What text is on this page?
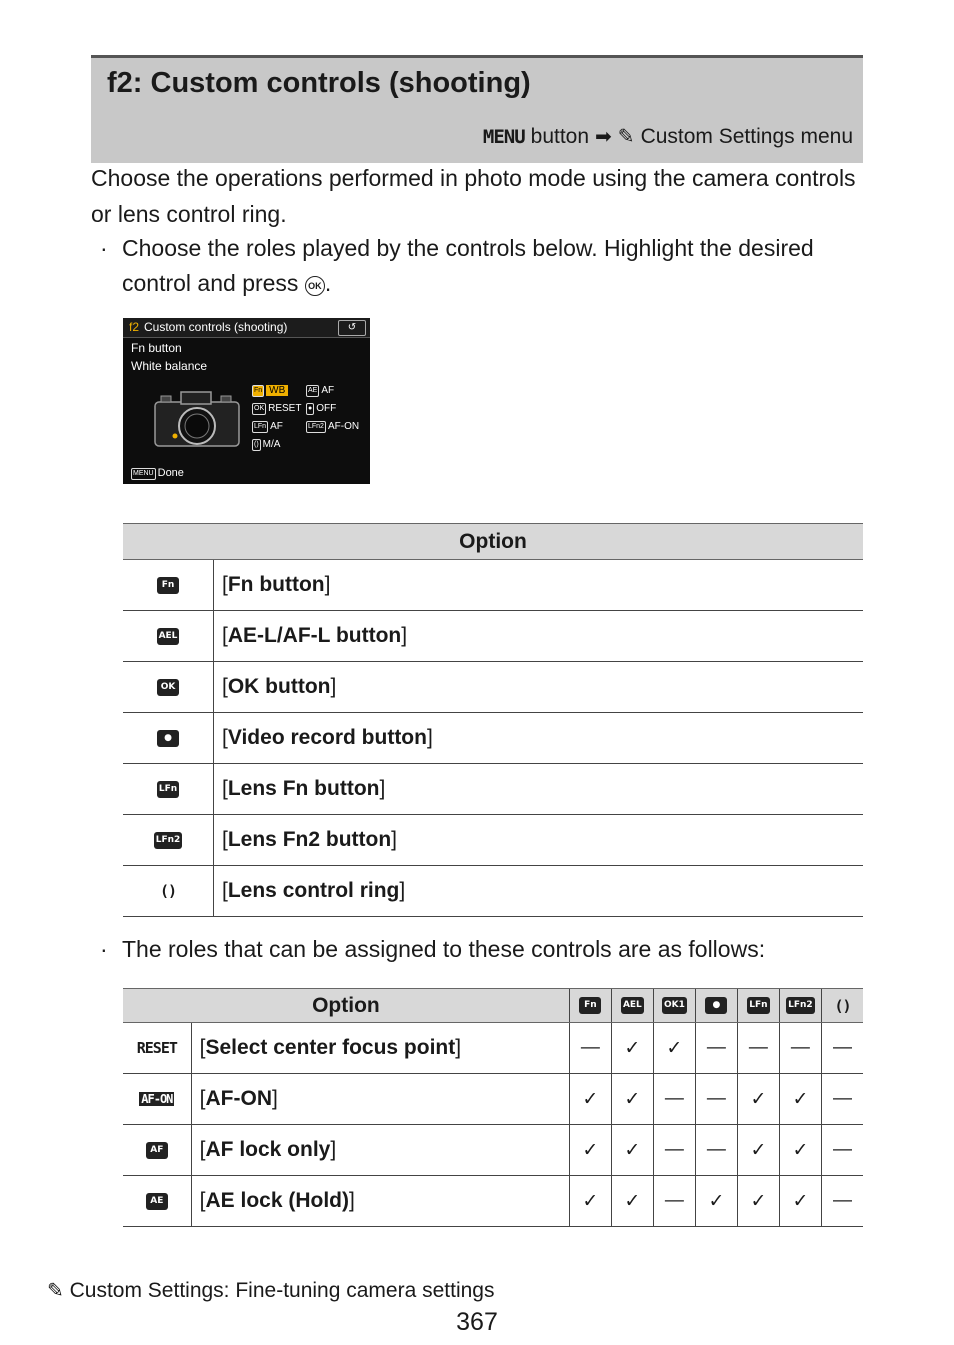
f2: Custom controls (shooting)
MENU button ➡ ✎ Custom Settings menu
Choose the operations performed in photo mode using the camera controls or lens control ring.
· Choose the roles played by the controls below. Highlight the desired control and press OK .
f2 Custom controls (shooting)	↺
Fn button
White balance
Fn WB	AE AF
OK RESET ● OFF
LFn AF	LFn2 AF-ON
() M/A
MENU Done
Option	
Fn	[Fn button]
AEL	[AE-L/AF-L button]
OK	[OK button]
●	[Video record button]
LFn	[Lens Fn button]
LFn2	[Lens Fn2 button]
()	[Lens control ring]
· The roles that can be assigned to these controls are as follows:
Option		Fn	AEL	OK1	●	LFn	LFn2	()
RESET	[Select center focus point]	—	✓	✓	—	—	—	—
AF-ON	[AF-ON]	✓	✓	—	—	✓	✓	—
AF	[AF lock only]	✓	✓	—	—	✓	✓	—
AE	[AE lock (Hold)]	✓	✓	—	✓	✓	✓	—
✎ Custom Settings: Fine-tuning camera settings
367
